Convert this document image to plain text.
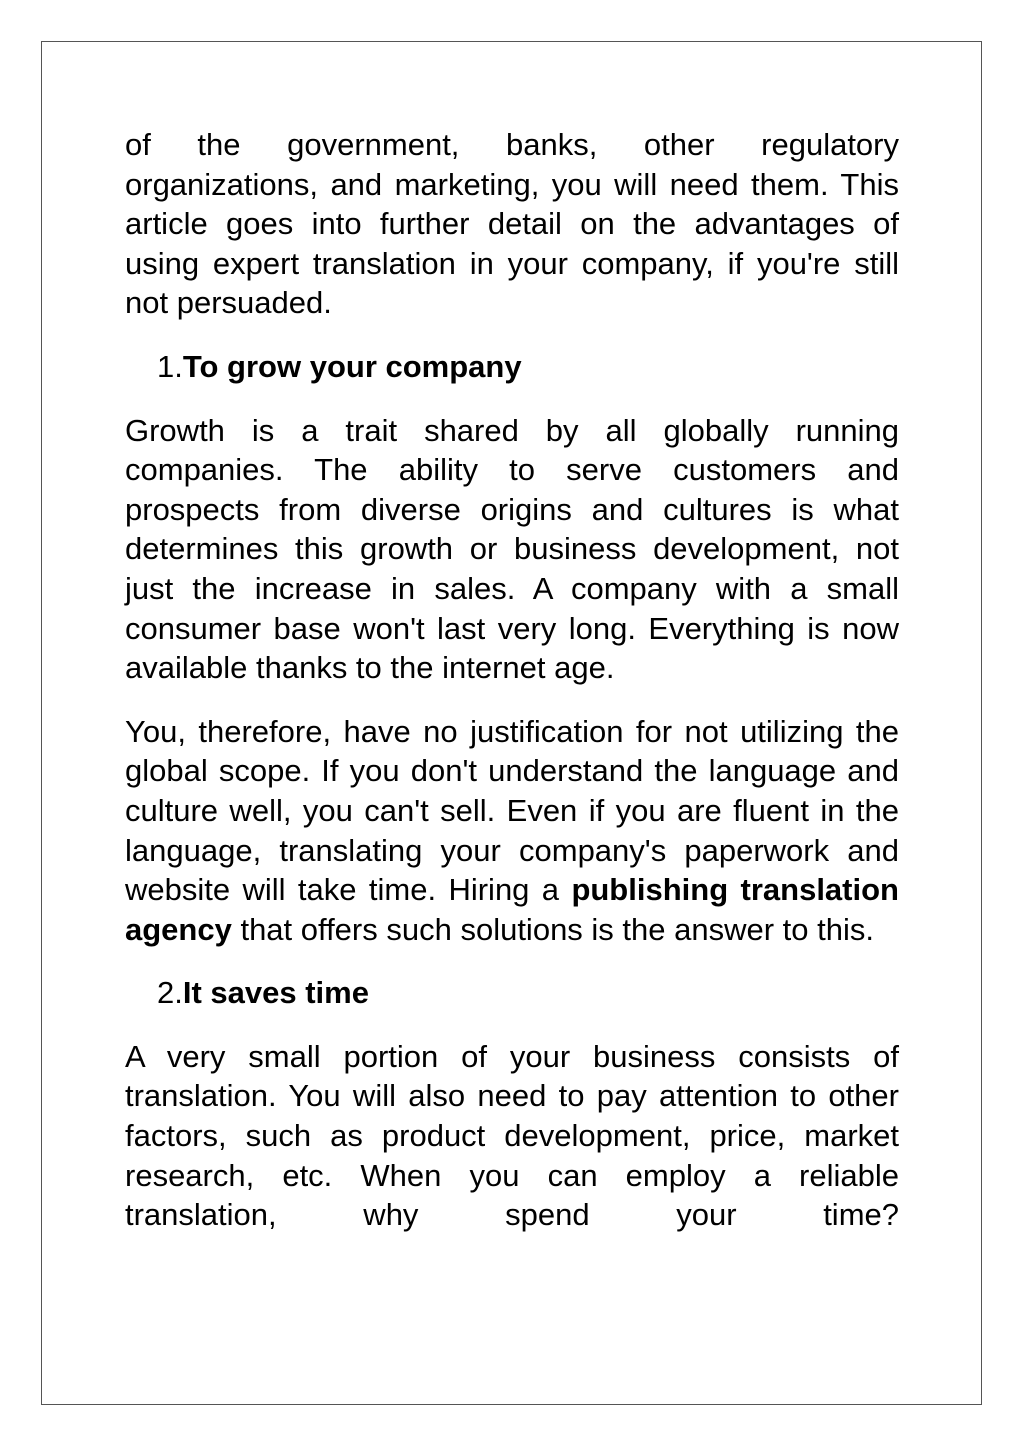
of the government, banks, other regulatory organizations, and marketing, you will need them. This article goes into further detail on the advantages of using expert translation in your company, if you're still not persuaded.

1.To grow your company

Growth is a trait shared by all globally running companies. The ability to serve customers and prospects from diverse origins and cultures is what determines this growth or business development, not just the increase in sales. A company with a small consumer base won't last very long. Everything is now available thanks to the internet age.

You, therefore, have no justification for not utilizing the global scope. If you don't understand the language and culture well, you can't sell. Even if you are fluent in the language, translating your company's paperwork and website will take time. Hiring a publishing translation agency that offers such solutions is the answer to this.

2.It saves time

A very small portion of your business consists of translation. You will also need to pay attention to other factors, such as product development, price, market research, etc. When you can employ a reliable translation, why spend your time?
